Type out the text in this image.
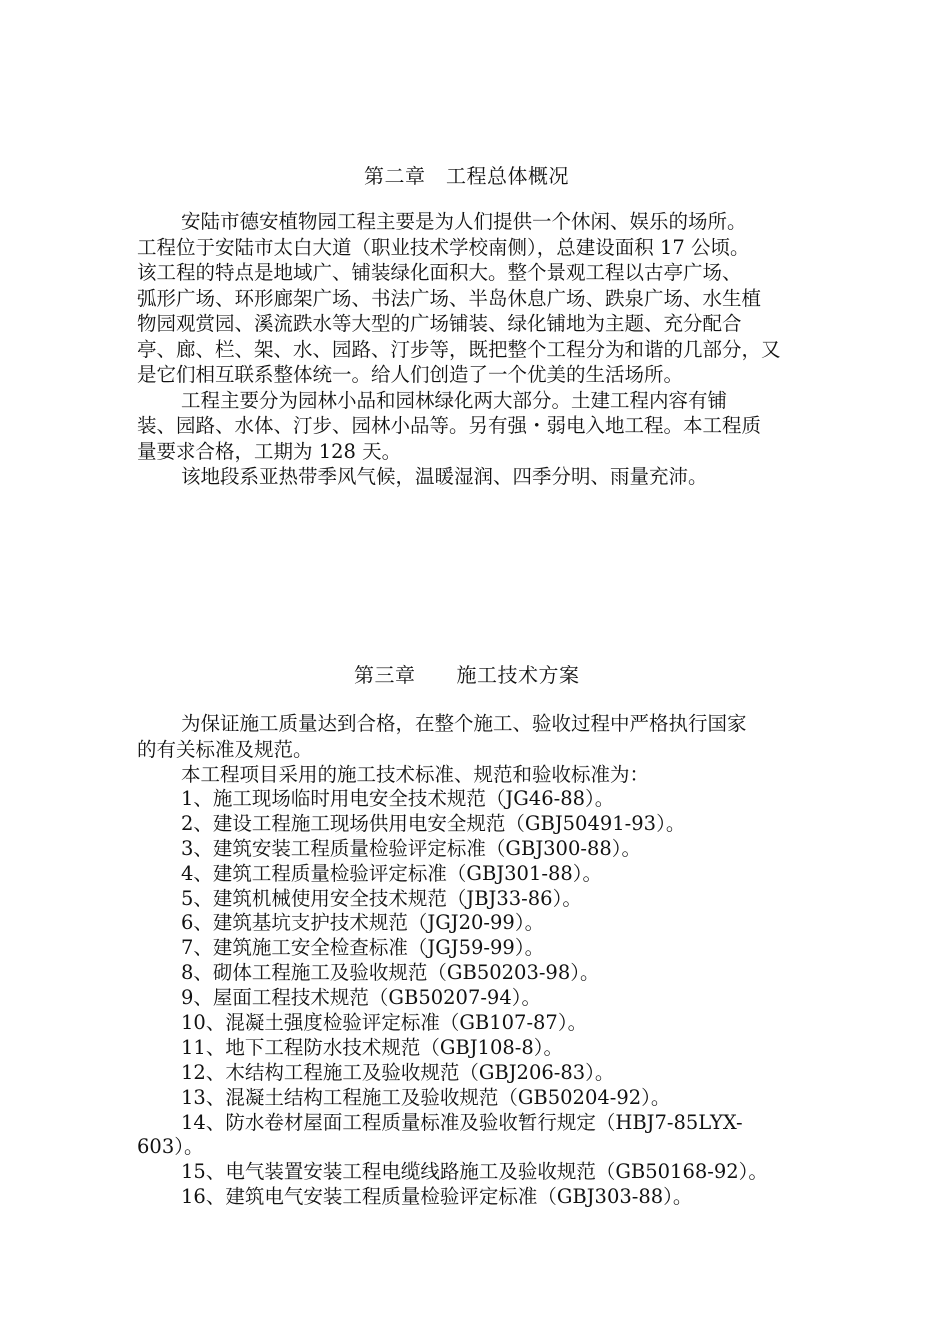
第二章　工程总体概况
安陆市德安植物园工程主要是为人们提供一个休闲、娱乐的场所。
工程位于安陆市太白大道（职业技术学校南侧），总建设面积 17 公顷。
该工程的特点是地域广、铺装绿化面积大。整个景观工程以古亭广场、
弧形广场、环形廊架广场、书法广场、半岛休息广场、跌泉广场、水生植
物园观赏园、溪流跌水等大型的广场铺装、绿化铺地为主题、充分配合
亭、廊、栏、架、水、园路、汀步等，既把整个工程分为和谐的几部分，又
是它们相互联系整体统一。给人们创造了一个优美的生活场所。
工程主要分为园林小品和园林绿化两大部分。土建工程内容有铺
装、园路、水体、汀步、园林小品等。另有强・弱电入地工程。本工程质
量要求合格，工期为 128 天。
该地段系亚热带季风气候，温暖湿润、四季分明、雨量充沛。
第三章　　施工技术方案
为保证施工质量达到合格，在整个施工、验收过程中严格执行国家
的有关标准及规范。
本工程项目采用的施工技术标准、规范和验收标准为：
1、施工现场临时用电安全技术规范（JG46-88）。
2、建设工程施工现场供用电安全规范（GBJ50491-93）。
3、建筑安装工程质量检验评定标准（GBJ300-88）。
4、建筑工程质量检验评定标准（GBJ301-88）。
5、建筑机械使用安全技术规范（JBJ33-86）。
6、建筑基坑支护技术规范（JGJ20-99）。
7、建筑施工安全检查标准（JGJ59-99）。
8、砌体工程施工及验收规范（GB50203-98）。
9、屋面工程技术规范（GB50207-94）。
10、混凝土强度检验评定标准（GB107-87）。
11、地下工程防水技术规范（GBJ108-8）。
12、木结构工程施工及验收规范（GBJ206-83）。
13、混凝土结构工程施工及验收规范（GB50204-92）。
14、防水卷材屋面工程质量标准及验收暂行规定（HBJ7-85LYX-
603）。
15、电气装置安装工程电缆线路施工及验收规范（GB50168-92）。
16、建筑电气安装工程质量检验评定标准（GBJ303-88）。
